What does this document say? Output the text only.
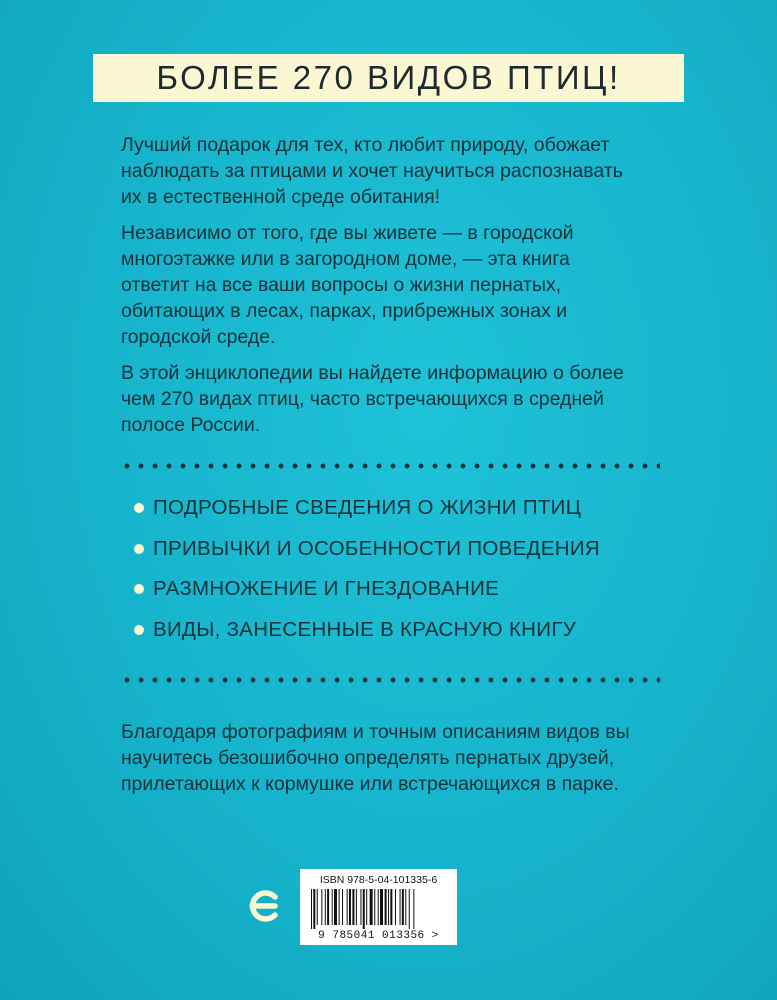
БОЛЕЕ 270 ВИДОВ ПТИЦ!

Лучший подарок для тех, кто любит природу, обожает наблюдать за птицами и хочет научиться распознавать их в естественной среде обитания!

Независимо от того, где вы живете — в городской многоэтажке или в загородном доме, — эта книга ответит на все ваши вопросы о жизни пернатых, обитающих в лесах, парках, прибрежных зонах и городской среде.

В этой энциклопедии вы найдете информацию о более чем 270 видах птиц, часто встречающихся в средней полосе России.

ПОДРОБНЫЕ СВЕДЕНИЯ О ЖИЗНИ ПТИЦ
ПРИВЫЧКИ И ОСОБЕННОСТИ ПОВЕДЕНИЯ
РАЗМНОЖЕНИЕ И ГНЕЗДОВАНИЕ
ВИДЫ, ЗАНЕСЕННЫЕ В КРАСНУЮ КНИГУ

Благодаря фотографиям и точным описаниям видов вы научитесь безошибочно определять пернатых друзей, прилетающих к кормушке или встречающихся в парке.

ISBN 978-5-04-101335-6
9 785041 013356 >
